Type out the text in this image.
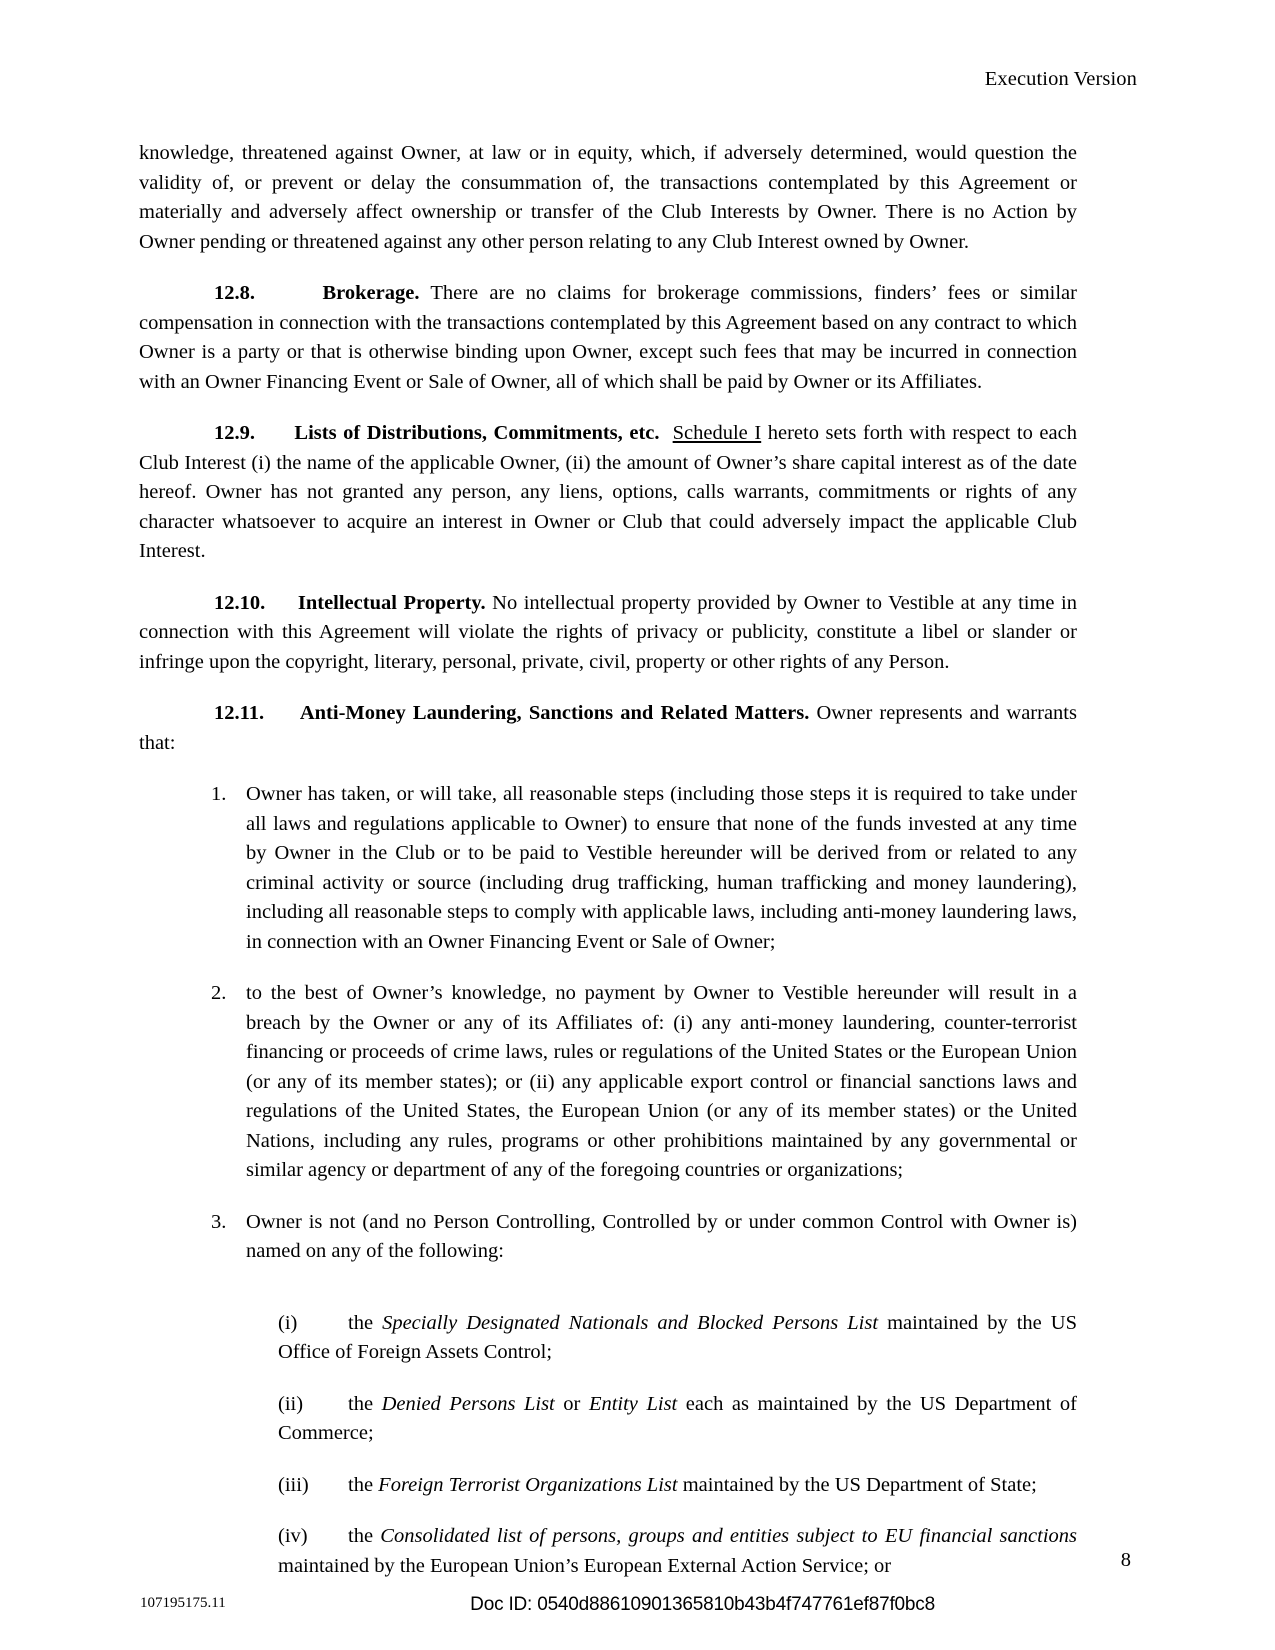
Execution Version

knowledge, threatened against Owner, at law or in equity, which, if adversely determined, would question the validity of, or prevent or delay the consummation of, the transactions contemplated by this Agreement or materially and adversely affect ownership or transfer of the Club Interests by Owner. There is no Action by Owner pending or threatened against any other person relating to any Club Interest owned by Owner.

12.8.	Brokerage. There are no claims for brokerage commissions, finders’ fees or similar compensation in connection with the transactions contemplated by this Agreement based on any contract to which Owner is a party or that is otherwise binding upon Owner, except such fees that may be incurred in connection with an Owner Financing Event or Sale of Owner, all of which shall be paid by Owner or its Affiliates.

12.9. Lists of Distributions, Commitments, etc. Schedule I hereto sets forth with respect to each Club Interest (i) the name of the applicable Owner, (ii) the amount of Owner’s share capital interest as of the date hereof. Owner has not granted any person, any liens, options, calls warrants, commitments or rights of any character whatsoever to acquire an interest in Owner or Club that could adversely impact the applicable Club Interest.

12.10. Intellectual Property. No intellectual property provided by Owner to Vestible at any time in connection with this Agreement will violate the rights of privacy or publicity, constitute a libel or slander or infringe upon the copyright, literary, personal, private, civil, property or other rights of any Person.

12.11. Anti-Money Laundering, Sanctions and Related Matters. Owner represents and warrants that:

1. Owner has taken, or will take, all reasonable steps (including those steps it is required to take under all laws and regulations applicable to Owner) to ensure that none of the funds invested at any time by Owner in the Club or to be paid to Vestible hereunder will be derived from or related to any criminal activity or source (including drug trafficking, human trafficking and money laundering), including all reasonable steps to comply with applicable laws, including anti-money laundering laws, in connection with an Owner Financing Event or Sale of Owner;
2. to the best of Owner’s knowledge, no payment by Owner to Vestible hereunder will result in a breach by the Owner or any of its Affiliates of: (i) any anti-money laundering, counter-terrorist financing or proceeds of crime laws, rules or regulations of the United States or the European Union (or any of its member states); or (ii) any applicable export control or financial sanctions laws and regulations of the United States, the European Union (or any of its member states) or the United Nations, including any rules, programs or other prohibitions maintained by any governmental or similar agency or department of any of the foregoing countries or organizations;
3. Owner is not (and no Person Controlling, Controlled by or under common Control with Owner is) named on any of the following:
(i)	the Specially Designated Nationals and Blocked Persons List maintained by the US Office of Foreign Assets Control;
(ii)	the Denied Persons List or Entity List each as maintained by the US Department of Commerce;
(iii)	the Foreign Terrorist Organizations List maintained by the US Department of State;
(iv)	the Consolidated list of persons, groups and entities subject to EU financial sanctions maintained by the European Union’s European External Action Service; or	8
107195175.11	Doc ID: 0540d88610901365810b43b4f747761ef87f0bc8
